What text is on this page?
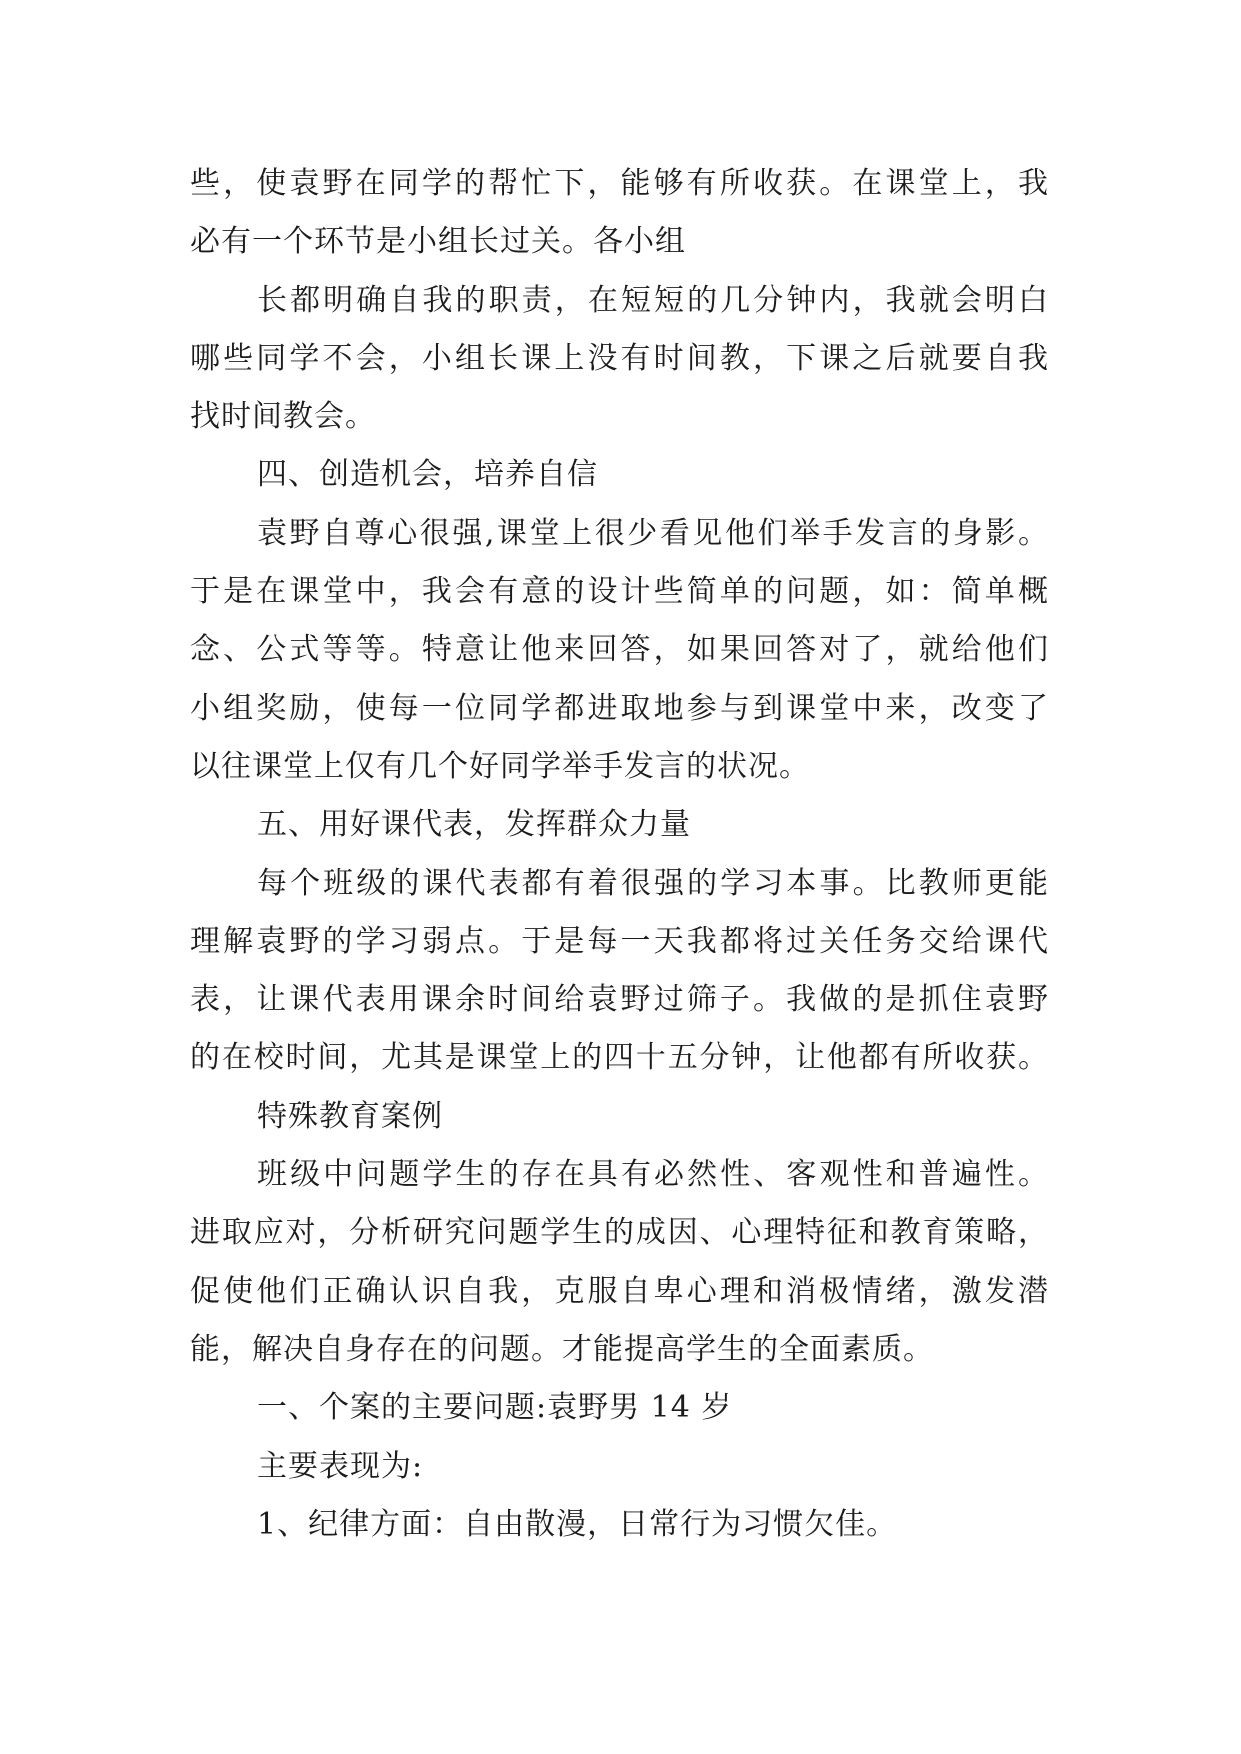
些，使袁野在同学的帮忙下，能够有所收获。在课堂上，我
必有一个环节是小组长过关。各小组
长都明确自我的职责，在短短的几分钟内，我就会明白
哪些同学不会，小组长课上没有时间教，下课之后就要自我
找时间教会。
四、创造机会，培养自信
袁野自尊心很强,课堂上很少看见他们举手发言的身影。
于是在课堂中，我会有意的设计些简单的问题，如：简单概
念、公式等等。特意让他来回答，如果回答对了，就给他们
小组奖励，使每一位同学都进取地参与到课堂中来，改变了
以往课堂上仅有几个好同学举手发言的状况。
五、用好课代表，发挥群众力量
每个班级的课代表都有着很强的学习本事。比教师更能
理解袁野的学习弱点。于是每一天我都将过关任务交给课代
表，让课代表用课余时间给袁野过筛子。我做的是抓住袁野
的在校时间，尤其是课堂上的四十五分钟，让他都有所收获。
特殊教育案例
班级中问题学生的存在具有必然性、客观性和普遍性。
进取应对，分析研究问题学生的成因、心理特征和教育策略，
促使他们正确认识自我，克服自卑心理和消极情绪，激发潜
能，解决自身存在的问题。才能提高学生的全面素质。
一、个案的主要问题:袁野男 14 岁
主要表现为:
1、纪律方面：自由散漫，日常行为习惯欠佳。
